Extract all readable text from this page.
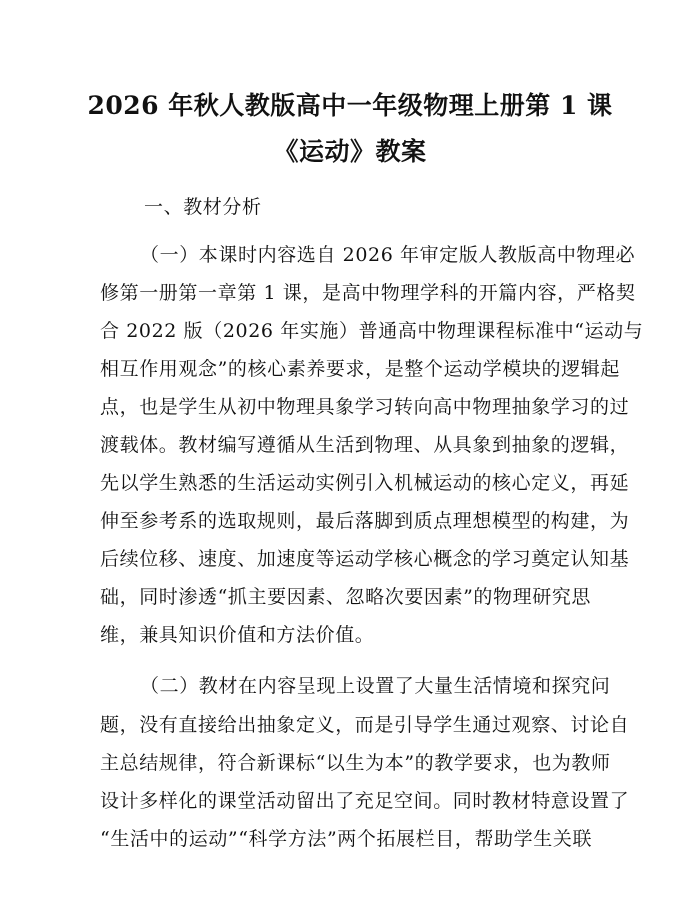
2026 年秋人教版高中一年级物理上册第 1 课
《运动》教案
一、教材分析
（一）本课时内容选自 2026 年审定版人教版高中物理必
修第一册第一章第 1 课，是高中物理学科的开篇内容，严格契
合 2022 版（2026 年实施）普通高中物理课程标准中“运动与
相互作用观念”的核心素养要求，是整个运动学模块的逻辑起
点，也是学生从初中物理具象学习转向高中物理抽象学习的过
渡载体。教材编写遵循从生活到物理、从具象到抽象的逻辑，
先以学生熟悉的生活运动实例引入机械运动的核心定义，再延
伸至参考系的选取规则，最后落脚到质点理想模型的构建，为
后续位移、速度、加速度等运动学核心概念的学习奠定认知基
础，同时渗透“抓主要因素、忽略次要因素”的物理研究思
维，兼具知识价值和方法价值。
（二）教材在内容呈现上设置了大量生活情境和探究问
题，没有直接给出抽象定义，而是引导学生通过观察、讨论自
主总结规律，符合新课标“以生为本”的教学要求，也为教师
设计多样化的课堂活动留出了充足空间。同时教材特意设置了
“生活中的运动”“科学方法”两个拓展栏目，帮助学生关联
